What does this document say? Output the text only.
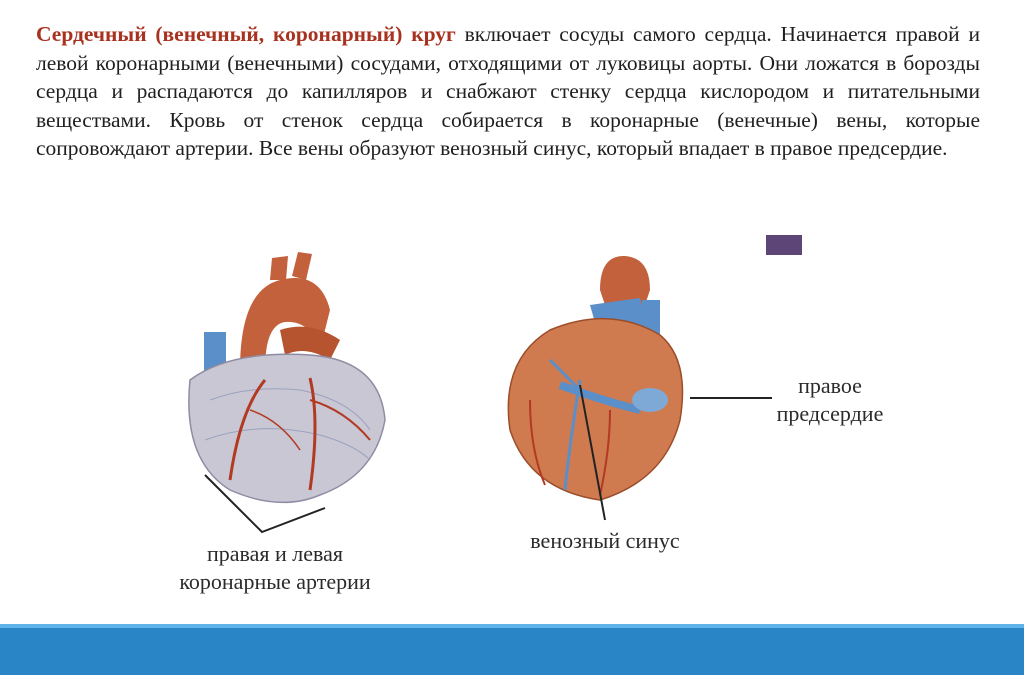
Сердечный (венечный, коронарный) круг включает сосуды самого сердца. Начинается правой и левой коронарными (венечными) сосудами, отходящими от луковицы аорты. Они ложатся в борозды сердца и распадаются до капилляров и снабжают стенку сердца кислородом и питательными веществами. Кровь от стенок сердца собирается в коронарные (венечные) вены, которые сопровождают артерии. Все вены образуют венозный синус, который впадает в правое предсердие.
правая и левая
коронарные артерии
венозный синус
правое
предсердие
